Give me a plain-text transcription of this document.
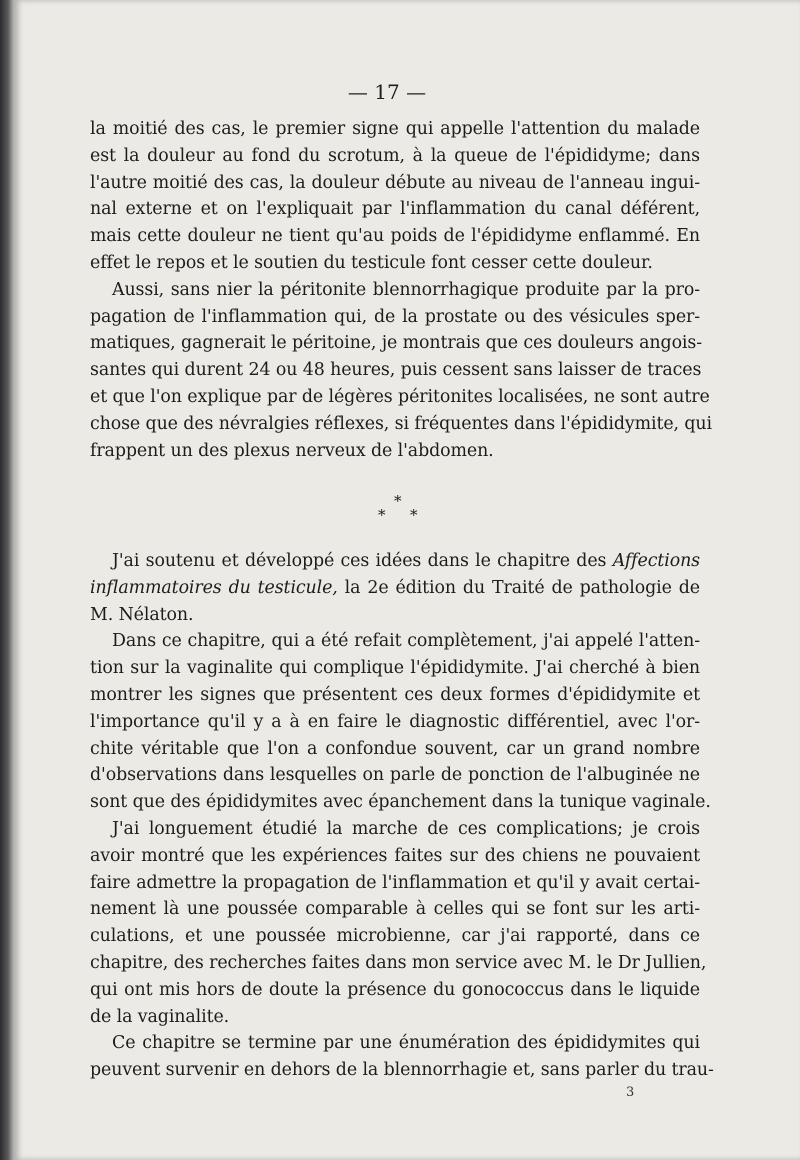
— 17 —
la moitié des cas, le premier signe qui appelle l'attention du malade
est la douleur au fond du scrotum, à la queue de l'épididyme; dans
l'autre moitié des cas, la douleur débute au niveau de l'anneau ingui-
nal externe et on l'expliquait par l'inflammation du canal déférent,
mais cette douleur ne tient qu'au poids de l'épididyme enflammé. En
effet le repos et le soutien du testicule font cesser cette douleur.
Aussi, sans nier la péritonite blennorrhagique produite par la pro-
pagation de l'inflammation qui, de la prostate ou des vésicules sper-
matiques, gagnerait le péritoine, je montrais que ces douleurs angois-
santes qui durent 24 ou 48 heures, puis cessent sans laisser de traces
et que l'on explique par de légères péritonites localisées, ne sont autre
chose que des névralgies réflexes, si fréquentes dans l'épididymite, qui
frappent un des plexus nerveux de l'abdomen.
*
* *
J'ai soutenu et développé ces idées dans le chapitre des Affections
inflammatoires du testicule, la 2e édition du Traité de pathologie de
M. Nélaton.
Dans ce chapitre, qui a été refait complètement, j'ai appelé l'atten-
tion sur la vaginalite qui complique l'épididymite. J'ai cherché à bien
montrer les signes que présentent ces deux formes d'épididymite et
l'importance qu'il y a à en faire le diagnostic différentiel, avec l'or-
chite véritable que l'on a confondue souvent, car un grand nombre
d'observations dans lesquelles on parle de ponction de l'albuginée ne
sont que des épididymites avec épanchement dans la tunique vaginale.
J'ai longuement étudié la marche de ces complications; je crois
avoir montré que les expériences faites sur des chiens ne pouvaient
faire admettre la propagation de l'inflammation et qu'il y avait certai-
nement là une poussée comparable à celles qui se font sur les arti-
culations, et une poussée microbienne, car j'ai rapporté, dans ce
chapitre, des recherches faites dans mon service avec M. le Dr Jullien,
qui ont mis hors de doute la présence du gonococcus dans le liquide
de la vaginalite.
Ce chapitre se termine par une énumération des épididymites qui
peuvent survenir en dehors de la blennorrhagie et, sans parler du trau-
3
